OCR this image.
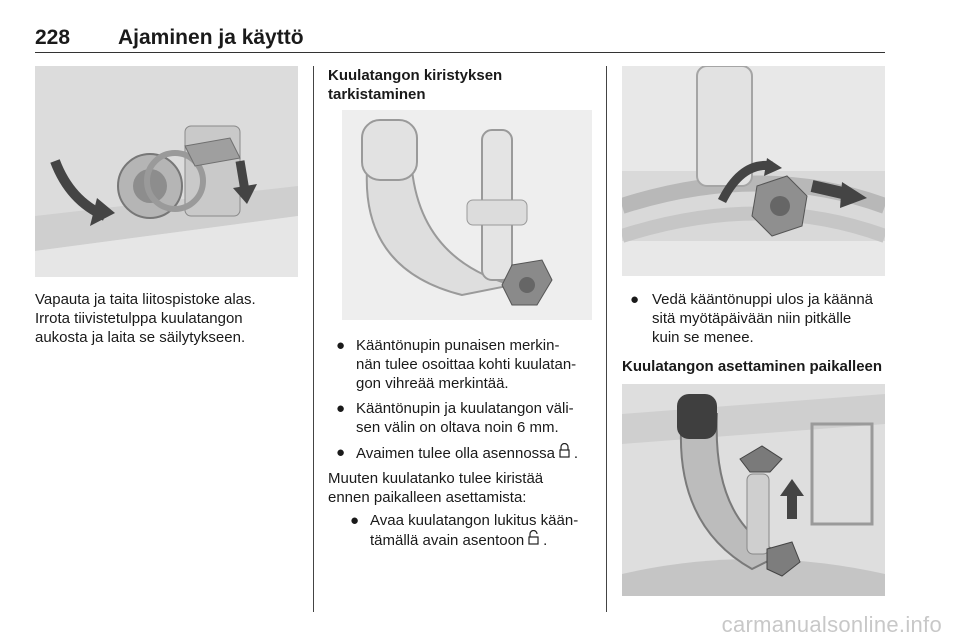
228 Ajaminen ja käyttö

Vapauta ja taita liitospistoke alas.
Irrota tiivistetulppa kuulatangon
aukosta ja laita se säilytykseen.

Kuulatangon kiristyksen
tarkistaminen

● Kääntönupin punaisen merkin-
nän tulee osoittaa kohti kuulatan-
gon vihreää merkintää.
● Kääntönupin ja kuulatangon väli-
sen välin on oltava noin 6 mm.
● Avaimen tulee olla asennossa .

Muuten kuulatanko tulee kiristää
ennen paikalleen asettamista:

● Avaa kuulatangon lukitus kään-
tämällä avain asentoon .
● Vedä kääntönuppi ulos ja käännä
sitä myötäpäivään niin pitkälle
kuin se menee.

Kuulatangon asettaminen paikalleen

carmanualsonline.info
